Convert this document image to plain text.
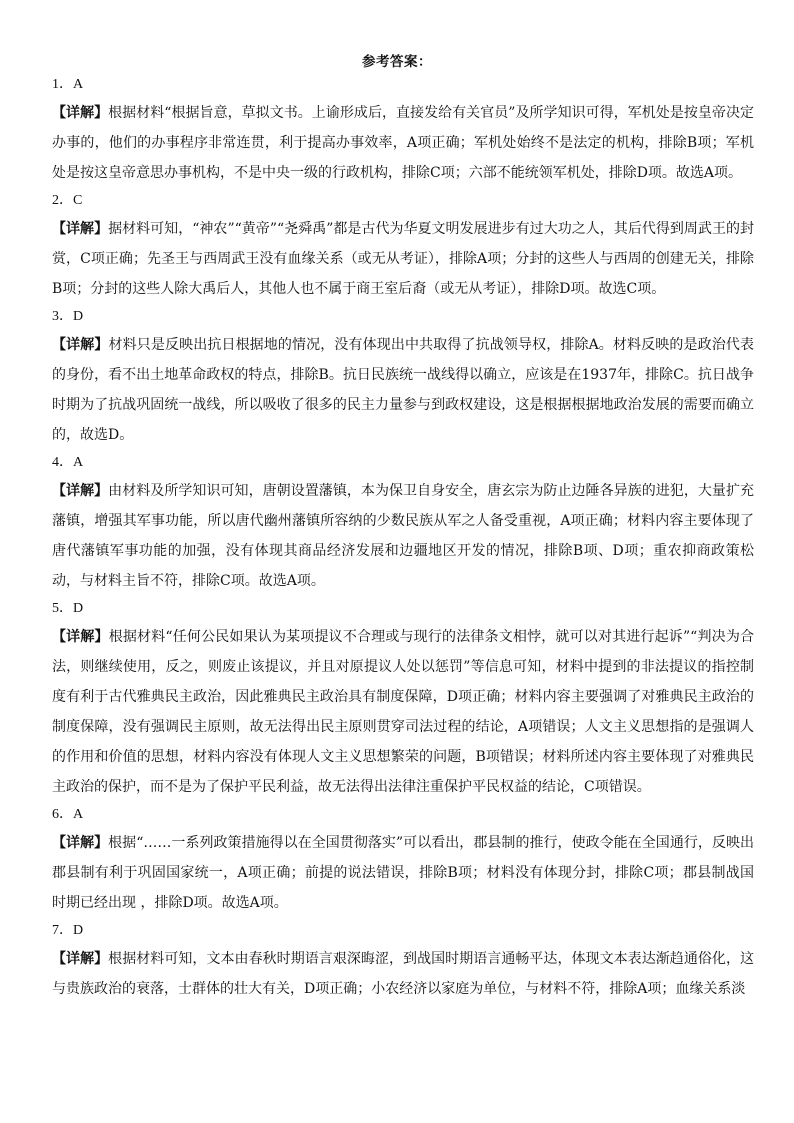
参考答案：
1．A

【详解】根据材料“根据旨意，草拟文书。上谕形成后，直接发给有关官员”及所学知识可得，军机处是按皇帝决定办事的，他们的办事程序非常连贯，利于提高办事效率，A项正确；军机处始终不是法定的机构，排除B项；军机处是按这皇帝意思办事机构，不是中央一级的行政机构，排除C项；六部不能统领军机处，排除D项。故选A项。

2．C

【详解】据材料可知，“神农”“黄帝”“尧舜禹”都是古代为华夏文明发展进步有过大功之人，其后代得到周武王的封赏，C项正确；先圣王与西周武王没有血缘关系（或无从考证），排除A项；分封的这些人与西周的创建无关，排除B项；分封的这些人除大禹后人，其他人也不属于商王室后裔（或无从考证），排除D项。故选C项。

3．D

【详解】材料只是反映出抗日根据地的情况，没有体现出中共取得了抗战领导权，排除A。材料反映的是政治代表的身份，看不出土地革命政权的特点，排除B。抗日民族统一战线得以确立，应该是在1937年，排除C。抗日战争时期为了抗战巩固统一战线，所以吸收了很多的民主力量参与到政权建设，这是根据根据地政治发展的需要而确立的，故选D。

4．A

【详解】由材料及所学知识可知，唐朝设置藩镇，本为保卫自身安全，唐玄宗为防止边陲各异族的进犯，大量扩充藩镇，增强其军事功能，所以唐代幽州藩镇所容纳的少数民族从军之人备受重视，A项正确；材料内容主要体现了唐代藩镇军事功能的加强，没有体现其商品经济发展和边疆地区开发的情况，排除B项、D项；重农抑商政策松动，与材料主旨不符，排除C项。故选A项。

5．D

【详解】根据材料“任何公民如果认为某项提议不合理或与现行的法律条文相悖，就可以对其进行起诉”“判决为合法，则继续使用，反之，则废止该提议，并且对原提议人处以惩罚”等信息可知，材料中提到的非法提议的指控制度有利于古代雅典民主政治，因此雅典民主政治具有制度保障，D项正确；材料内容主要强调了对雅典民主政治的制度保障，没有强调民主原则，故无法得出民主原则贯穿司法过程的结论，A项错误；人文主义思想指的是强调人的作用和价值的思想，材料内容没有体现人文主义思想繁荣的问题，B项错误；材料所述内容主要体现了对雅典民主政治的保护，而不是为了保护平民利益，故无法得出法律注重保护平民权益的结论，C项错误。

6．A

【详解】根据“……一系列政策措施得以在全国贯彻落实”可以看出，郡县制的推行，使政令能在全国通行，反映出郡县制有利于巩固国家统一，A项正确；前提的说法错误，排除B项；材料没有体现分封，排除C项；郡县制战国时期已经出现 ，排除D项。故选A项。

7．D

【详解】根据材料可知，文本由春秋时期语言艰深晦涩，到战国时期语言通畅平达，体现文本表达渐趋通俗化，这与贵族政治的衰落，士群体的壮大有关，D项正确；小农经济以家庭为单位，与材料不符，排除A项；血缘关系淡
